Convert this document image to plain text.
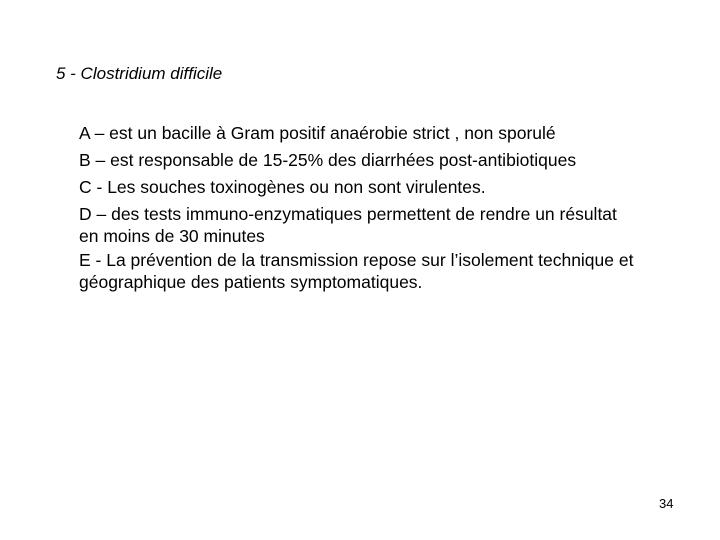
5 - Clostridium difficile
A – est un bacille à Gram positif anaérobie strict , non sporulé
B – est responsable de 15-25% des diarrhées post-antibiotiques
C - Les souches toxinogènes ou non sont virulentes.
D – des tests immuno-enzymatiques permettent de rendre un résultat
en moins de 30 minutes
E - La prévention de la transmission repose sur l’isolement technique et
géographique des patients symptomatiques.
34
